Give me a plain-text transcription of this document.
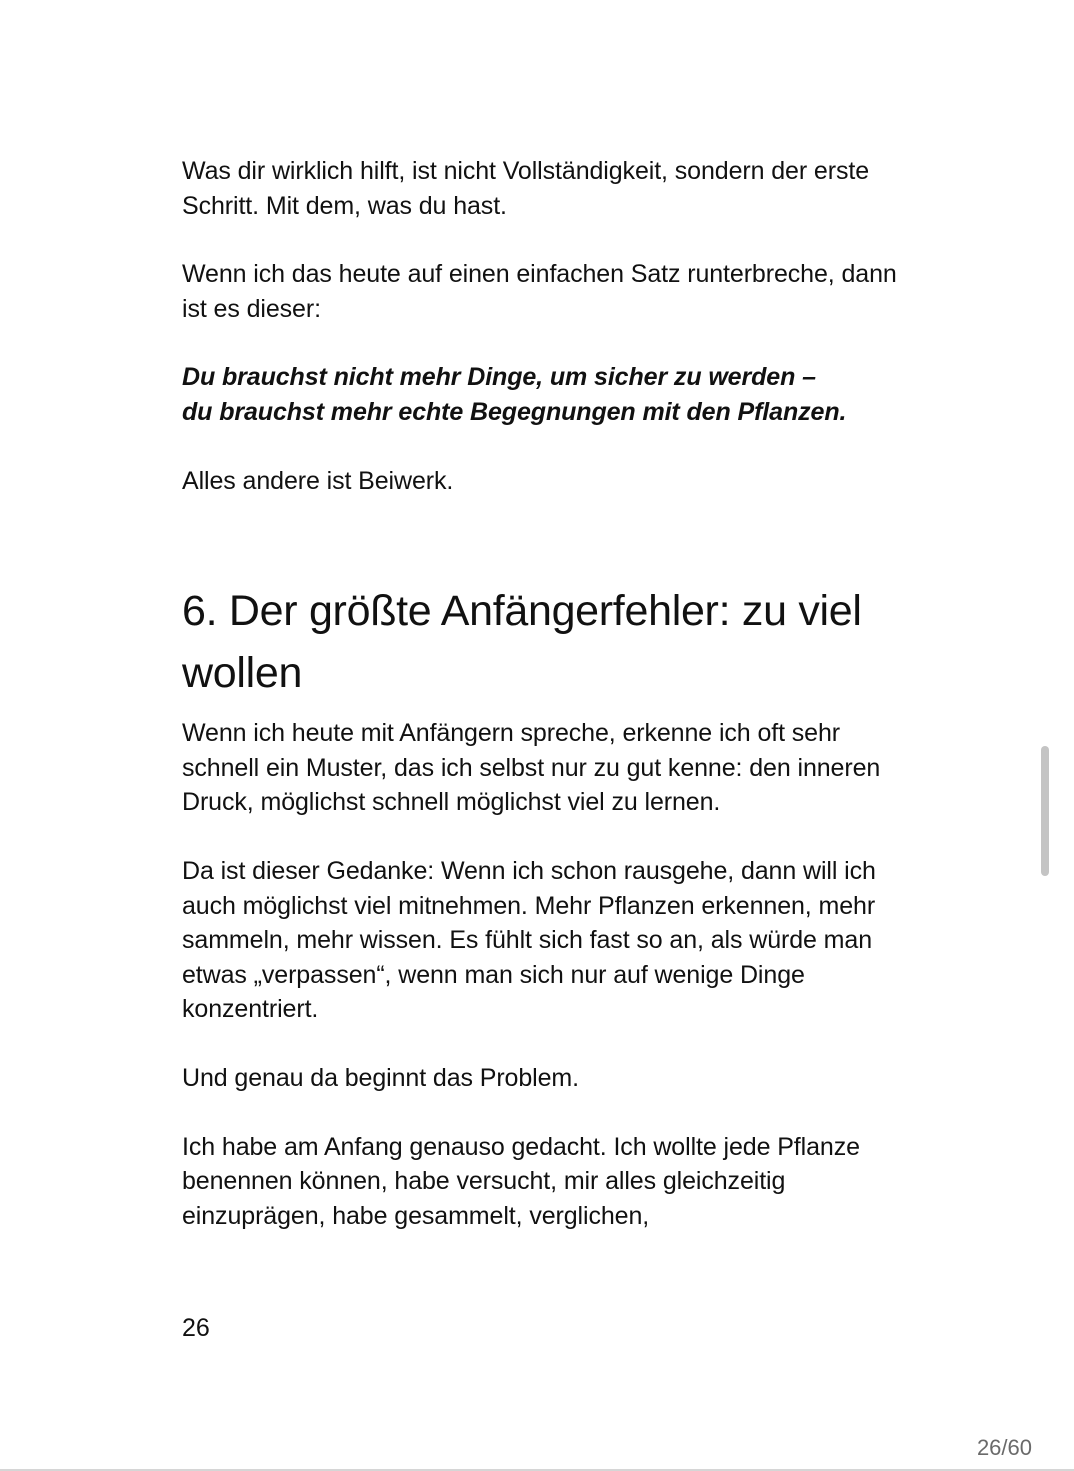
Was dir wirklich hilft, ist nicht Vollständigkeit, sondern der erste Schritt. Mit dem, was du hast.

Wenn ich das heute auf einen einfachen Satz runterbreche, dann ist es dieser:

Du brauchst nicht mehr Dinge, um sicher zu werden –
du brauchst mehr echte Begegnungen mit den Pflanzen.

Alles andere ist Beiwerk.

6. Der größte Anfängerfehler: zu viel wollen

Wenn ich heute mit Anfängern spreche, erkenne ich oft sehr schnell ein Muster, das ich selbst nur zu gut kenne: den inneren Druck, möglichst schnell möglichst viel zu lernen.

Da ist dieser Gedanke: Wenn ich schon rausgehe, dann will ich auch möglichst viel mitnehmen. Mehr Pflanzen erkennen, mehr sammeln, mehr wissen. Es fühlt sich fast so an, als würde man etwas „verpassen“, wenn man sich nur auf wenige Dinge konzentriert.

Und genau da beginnt das Problem.

Ich habe am Anfang genauso gedacht. Ich wollte jede Pflanze benennen können, habe versucht, mir alles gleichzeitig einzuprägen, habe gesammelt, verglichen,

26
26/60
